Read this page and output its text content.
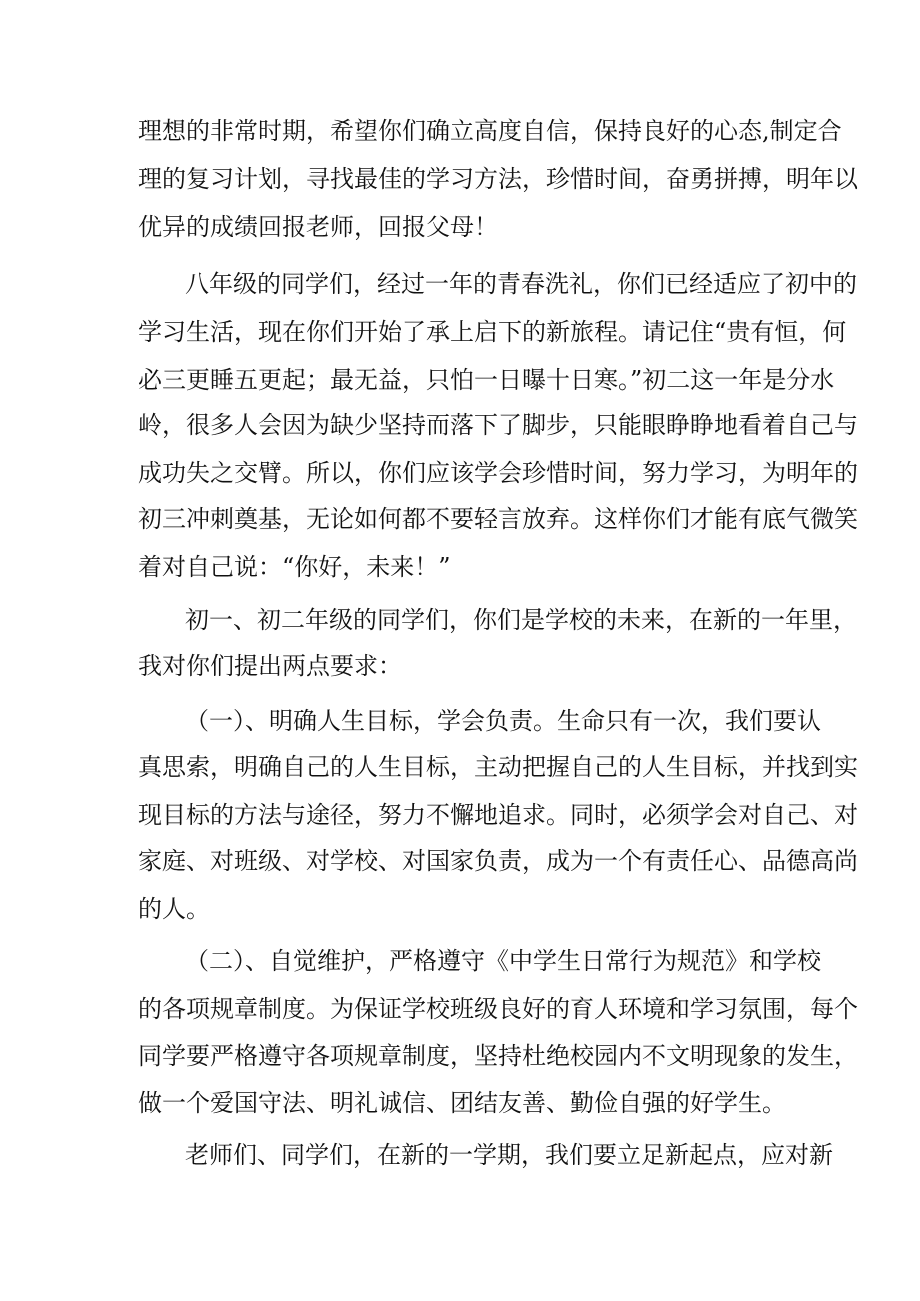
理想的非常时期，希望你们确立高度自信，保持良好的心态,制定合

理的复习计划，寻找最佳的学习方法，珍惜时间，奋勇拼搏，明年以

优异的成绩回报老师，回报父母！

八年级的同学们，经过一年的青春洗礼，你们已经适应了初中的

学习生活，现在你们开始了承上启下的新旅程。请记住“贵有恒，何

必三更睡五更起；最无益，只怕一日曝十日寒。”初二这一年是分水

岭，很多人会因为缺少坚持而落下了脚步，只能眼睁睁地看着自己与

成功失之交臂。所以，你们应该学会珍惜时间，努力学习，为明年的

初三冲刺奠基，无论如何都不要轻言放弃。这样你们才能有底气微笑

着对自己说：“你好，未来！”

初一、初二年级的同学们，你们是学校的未来，在新的一年里，

我对你们提出两点要求：

（一）、明确人生目标，学会负责。生命只有一次，我们要认

真思索，明确自己的人生目标，主动把握自己的人生目标，并找到实

现目标的方法与途径，努力不懈地追求。同时，必须学会对自己、对

家庭、对班级、对学校、对国家负责，成为一个有责任心、品德高尚

的人。

（二）、自觉维护，严格遵守《中学生日常行为规范》和学校

的各项规章制度。为保证学校班级良好的育人环境和学习氛围，每个

同学要严格遵守各项规章制度，坚持杜绝校园内不文明现象的发生，

做一个爱国守法、明礼诚信、团结友善、勤俭自强的好学生。

老师们、同学们，在新的一学期，我们要立足新起点，应对新
